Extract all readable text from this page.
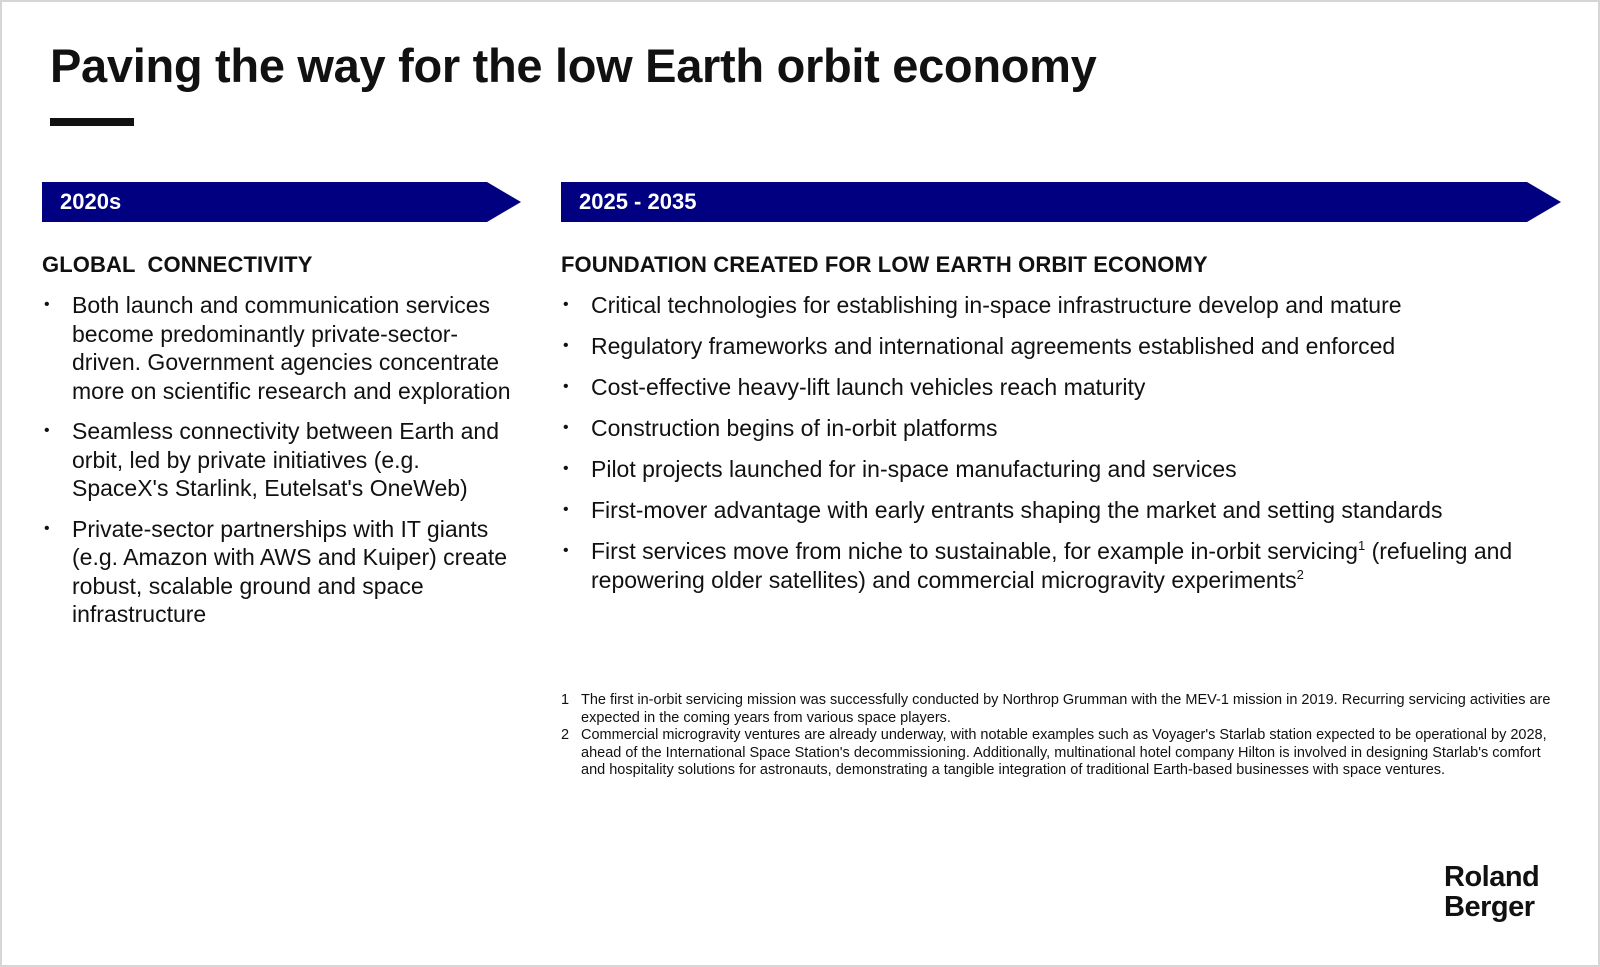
Paving the way for the low Earth orbit economy
2020s	2025 - 2035
GLOBAL  CONNECTIVITY
• Both launch and communication services become predominantly private-sector-driven. Government agencies concentrate more on scientific research and exploration
• Seamless connectivity between Earth and orbit, led by private initiatives (e.g. SpaceX's Starlink, Eutelsat's OneWeb)
• Private-sector partnerships with IT giants (e.g. Amazon with AWS and Kuiper) create robust, scalable ground and space infrastructure
FOUNDATION CREATED FOR LOW EARTH ORBIT ECONOMY
• Critical technologies for establishing in-space infrastructure develop and mature
• Regulatory frameworks and international agreements established and enforced
• Cost-effective heavy-lift launch vehicles reach maturity
• Construction begins of in-orbit platforms
• Pilot projects launched for in-space manufacturing and services
• First-mover advantage with early entrants shaping the market and setting standards
• First services move from niche to sustainable, for example in-orbit servicing$^1$ (refueling and repowering older satellites) and commercial microgravity experiments$^2$
1 The first in-orbit servicing mission was successfully conducted by Northrop Grumman with the MEV-1 mission in 2019. Recurring servicing activities are expected in the coming years from various space players.
2 Commercial microgravity ventures are already underway, with notable examples such as Voyager's Starlab station expected to be operational by 2028, ahead of the International Space Station's decommissioning. Additionally, multinational hotel company Hilton is involved in designing Starlab's comfort and hospitality solutions for astronauts, demonstrating a tangible integration of traditional Earth-based businesses with space ventures.
Roland
Berger
